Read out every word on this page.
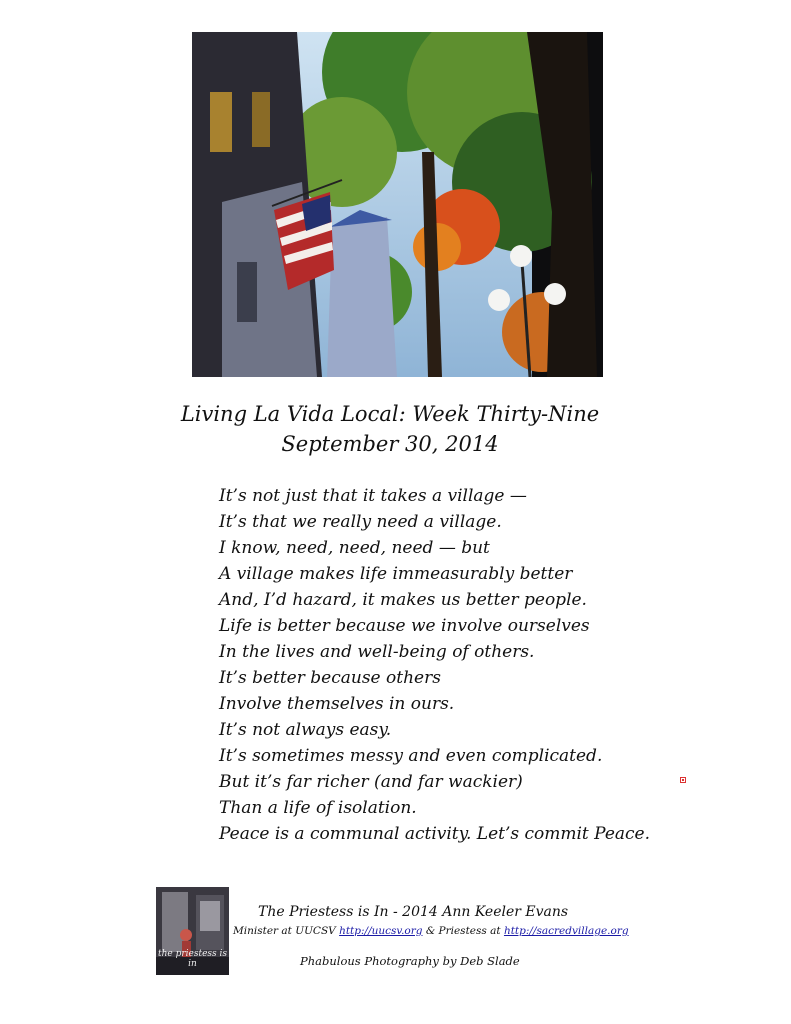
Living La Vida Local: Week Thirty-Nine
September 30, 2014
It’s not just that it takes a village —
It’s that we really need a village.
I know, need, need, need — but
A village makes life immeasurably better
And, I’d hazard, it makes us better people.
Life is better because we involve ourselves
In the lives and well-being of others.
It’s better because others
Involve themselves in ours.
It’s not always easy.
It’s sometimes messy and even complicated.
But it’s far richer (and far wackier)
Than a life of isolation.
Peace is a communal activity. Let’s commit Peace.
the priestess is in
The Priestess is In - 2014 Ann Keeler Evans
Minister at UUCSV http://uucsv.org & Priestess at http://sacredvillage.org
Phabulous Photography by Deb Slade
